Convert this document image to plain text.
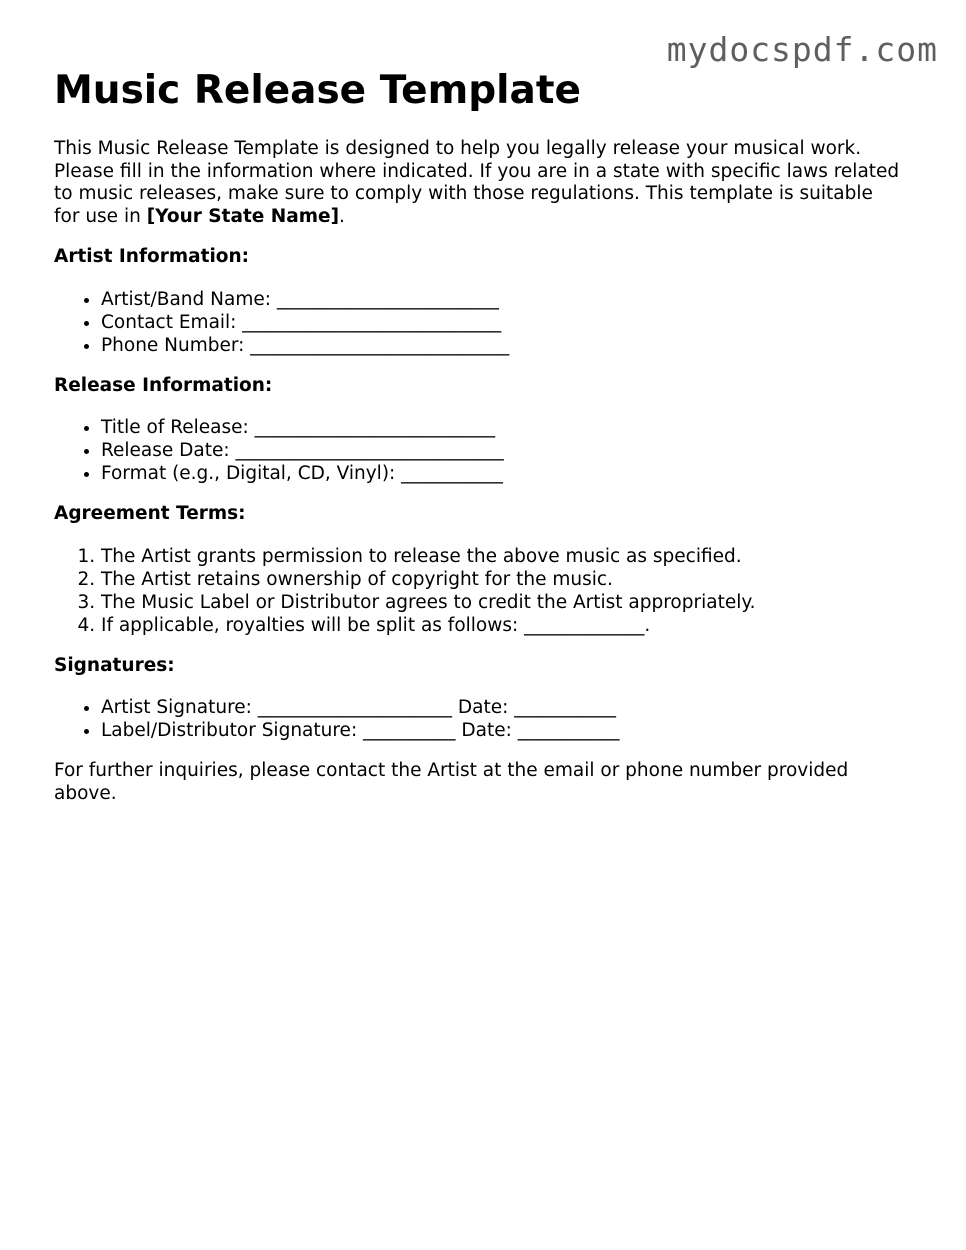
mydocspdf.com
Music Release Template

This Music Release Template is designed to help you legally release your musical work. Please fill in the information where indicated. If you are in a state with specific laws related to music releases, make sure to comply with those regulations. This template is suitable for use in [Your State Name].

Artist Information:

• Artist/Band Name: ________________________
• Contact Email: ____________________________
• Phone Number: ____________________________

Release Information:

• Title of Release: __________________________
• Release Date: _____________________________
• Format (e.g., Digital, CD, Vinyl): ___________

Agreement Terms:

1. The Artist grants permission to release the above music as specified.
2. The Artist retains ownership of copyright for the music.
3. The Music Label or Distributor agrees to credit the Artist appropriately.
4. If applicable, royalties will be split as follows: _____________.

Signatures:

• Artist Signature: _____________________ Date: ___________
• Label/Distributor Signature: __________ Date: ___________

For further inquiries, please contact the Artist at the email or phone number provided above.
